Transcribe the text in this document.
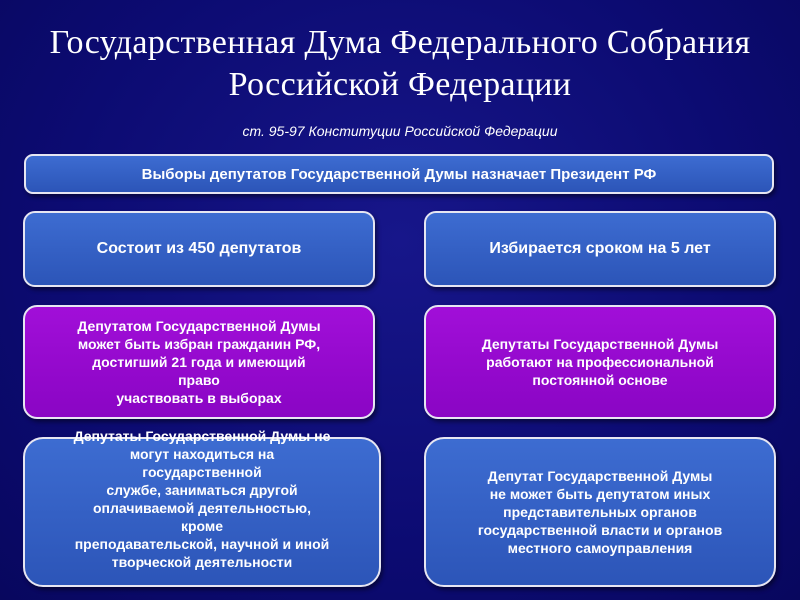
Государственная Дума Федерального Собрания
Российской Федерации
ст. 95-97 Конституции Российской Федерации
Выборы депутатов Государственной Думы назначает Президент РФ
Состоит из 450 депутатов	Избирается сроком на 5 лет
Депутатом Государственной Думы
может быть избран гражданин РФ,
достигший 21 года и имеющий
право
участвовать в выборах
Депутаты Государственной Думы
работают на профессиональной
постоянной основе
Депутаты Государственной Думы не
могут находиться на
государственной
службе, заниматься другой
оплачиваемой деятельностью,
кроме
преподавательской, научной и иной
творческой деятельности
Депутат Государственной Думы
не может быть депутатом иных
представительных органов
государственной власти и органов
местного самоуправления
